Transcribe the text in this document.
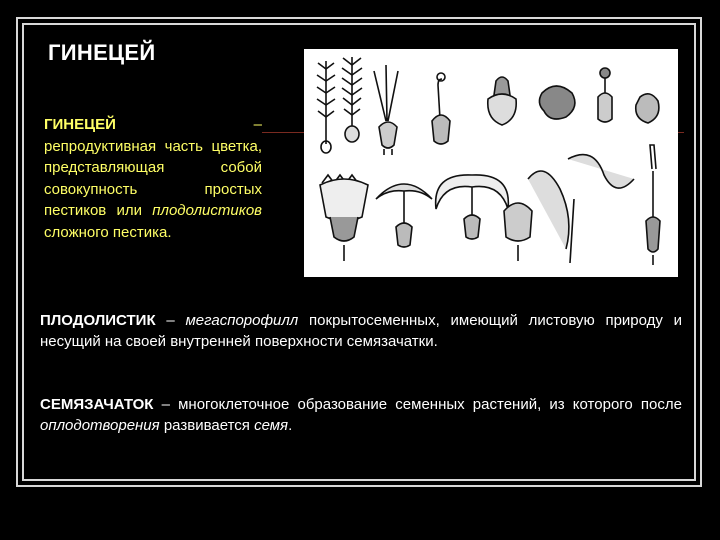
ГИНЕЦЕЙ
ГИНЕЦЕЙ	–

репродуктивная часть цветка, представляющая собой совокупность простых пестиков или плодолистиков сложного пестика.
ПЛОДОЛИСТИК – мегаспорофилл покрытосеменных, имеющий листовую природу и несущий на своей внутренней поверхности семязачатки.
СЕМЯЗАЧАТОК – многоклеточное образование семенных растений, из которого после оплодотворения развивается семя.
